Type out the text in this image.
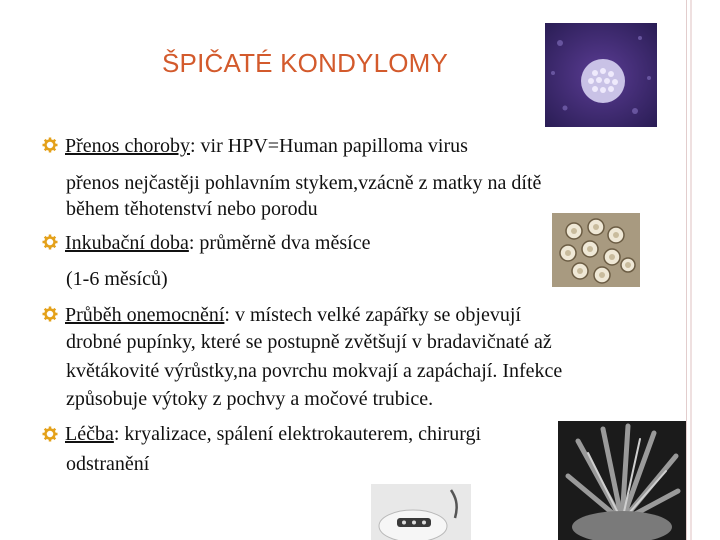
ŠPIČATÉ KONDYLOMY
Přenos choroby: vir HPV=Human papilloma virus
přenos nejčastěji pohlavním stykem,vzácně z matky na dítě
během těhotenství nebo porodu
Inkubační doba: průměrně dva měsíce
(1-6 měsíců)
Průběh onemocnění: v místech velké zapářky se objevují
drobné pupínky, které se postupně zvětšují v bradavičnaté až
květákovité výrůstky,na povrchu mokvají a zapáchají. Infekce
způsobuje výtoky z pochvy a močové trubice.
Léčba: kryalizace, spálení elektrokauterem, chirurgi
odstranění
